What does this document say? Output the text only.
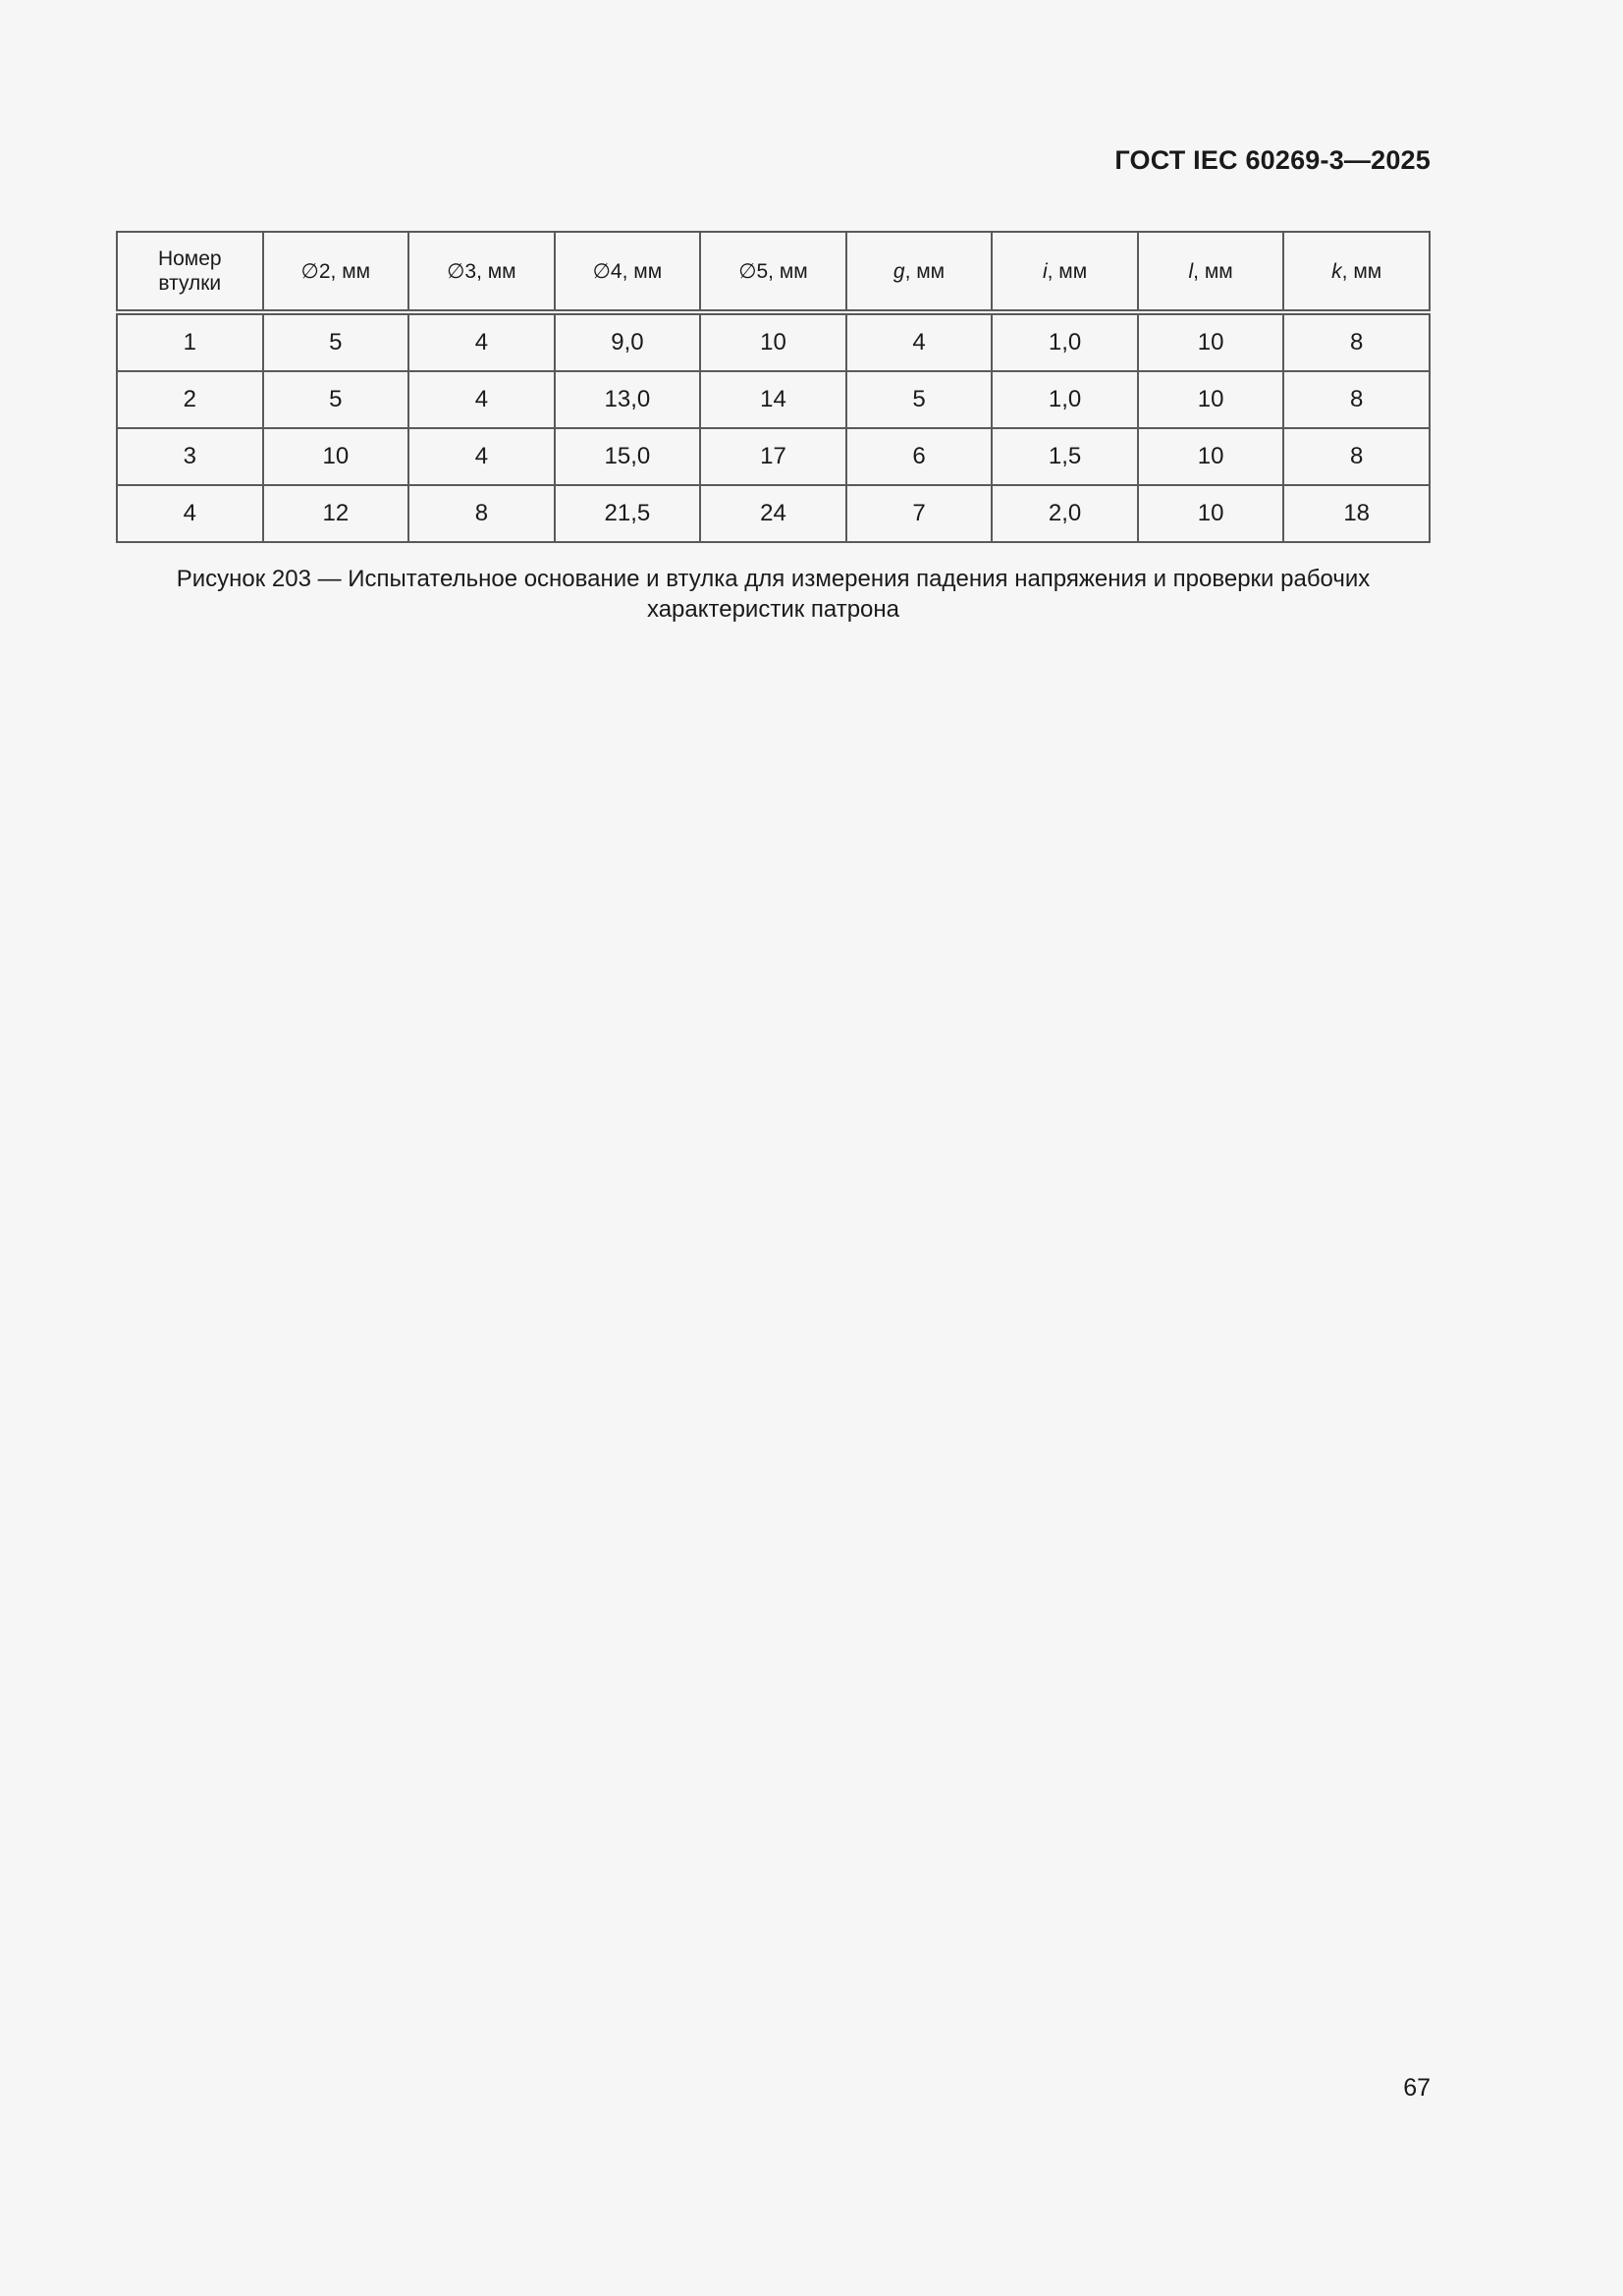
ГОСТ IEC 60269-3—2025
Номер
втулки	∅2, мм	∅3, мм	∅4, мм	∅5, мм	g, мм	i, мм	l, мм	k, мм
1	5	4	9,0	10	4	1,0	10	8
2	5	4	13,0	14	5	1,0	10	8
3	10	4	15,0	17	6	1,5	10	8
4	12	8	21,5	24	7	2,0	10	18
Рисунок 203 — Испытательное основание и втулка для измерения падения напряжения и проверки рабочих
характеристик патрона
67
